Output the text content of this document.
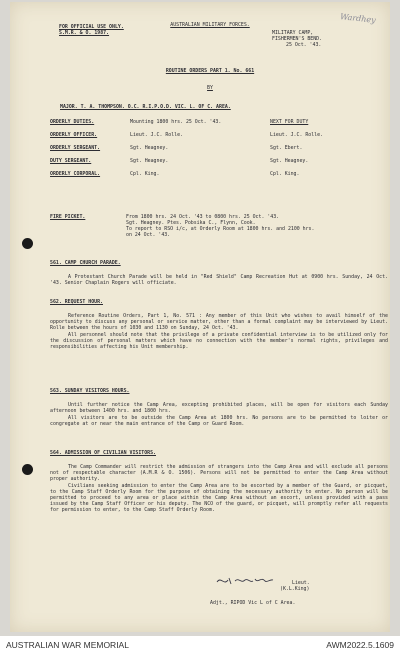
Wardhey
FOR OFFICIAL USE ONLY.
S.M.R. & O. 1987.
AUSTRALIAN MILITARY FORCES.
MILITARY CAMP,
FISHERMEN'S BEND.
25 Oct. '43.
ROUTINE ORDERS PART 1. No. 661
BY
MAJOR. T. A. THOMPSON. O.C. R.I.P.O.D. VIC. L. OF C. AREA.
ORDERLY DUTIES.	Mounting 1800 hrs. 25 Oct. '43.	NEXT FOR DUTY
ORDERLY OFFICER.	Lieut. J.C. Rolle.	Lieut. J.C. Rolle.
ORDERLY SERGEANT.	Sgt. Heagney.	Sgt. Ebert.
DUTY SERGEANT.	Sgt. Heagney.	Sgt. Heagney.
ORDERLY CORPORAL.	Cpl. King.	Cpl. King.
FIRE PICKET.	From 1800 hrs. 24 Oct. '43 to 0800 hrs. 25 Oct. '43.
Sgt. Heagney. Ptes. Pobsika C., Flynn, Cook.
To report to RSO i/c, at Orderly Room at 1800 hrs. and 2100 hrs.
on 24 Oct. '43.
561. CAMP CHURCH PARADE.

A Protestant Church Parade will be held in "Red Shield" Camp Recreation Hut at 0900 hrs. Sunday, 24 Oct. '43. Senior Chaplain Rogers will officiate.

562. REQUEST HOUR.

Reference Routine Orders, Part 1, No. 571 : Any member of this Unit who wishes to avail himself of the opportunity to discuss any personal or service matter, other than a formal complaint may be interviewed by Lieut. Rolle between the hours of 1030 and 1130 on Sunday, 24 Oct. '43.

All personnel should note that the privilege of a private confidential interview is to be utilized only for the discussion of personal matters which have no connection with the member's normal rights, privileges and responsibilities affecting his Unit membership.

563. SUNDAY VISITORS HOURS.

Until further notice the Camp Area, excepting prohibited places, will be open for visitors each Sunday afternoon between 1400 hrs. and 1800 hrs.

All visitors are to be outside the Camp Area at 1800 hrs. No persons are to be permitted to loiter or congregate at or near the main entrance of the Camp or Guard Room.

564. ADMISSION OF CIVILIAN VISITORS.

The Camp Commander will restrict the admission of strangers into the Camp Area and will exclude all persons not of respectable character (A.M.R & O. 1506). Persons will not be permitted to enter the Camp Area without proper authority.

Civilians seeking admission to enter the Camp Area are to be escorted by a member of the Guard, or picquet, to the Camp Staff Orderly Room for the purpose of obtaining the necessary authority to enter. No person will be permitted to proceed to any area or place within the Camp Area without an escort, unless provided with a pass issued by the Camp Staff Officer or his deputy. The NCO of the guard, or picquet, will promptly refer all requests for permission to enter, to the Camp Staff Orderly Room.

Lieut.
(K.L.King)
Adjt., RIPOD Vic L of C Area.
AUSTRALIAN WAR MEMORIAL	AWM2022.5.1609
